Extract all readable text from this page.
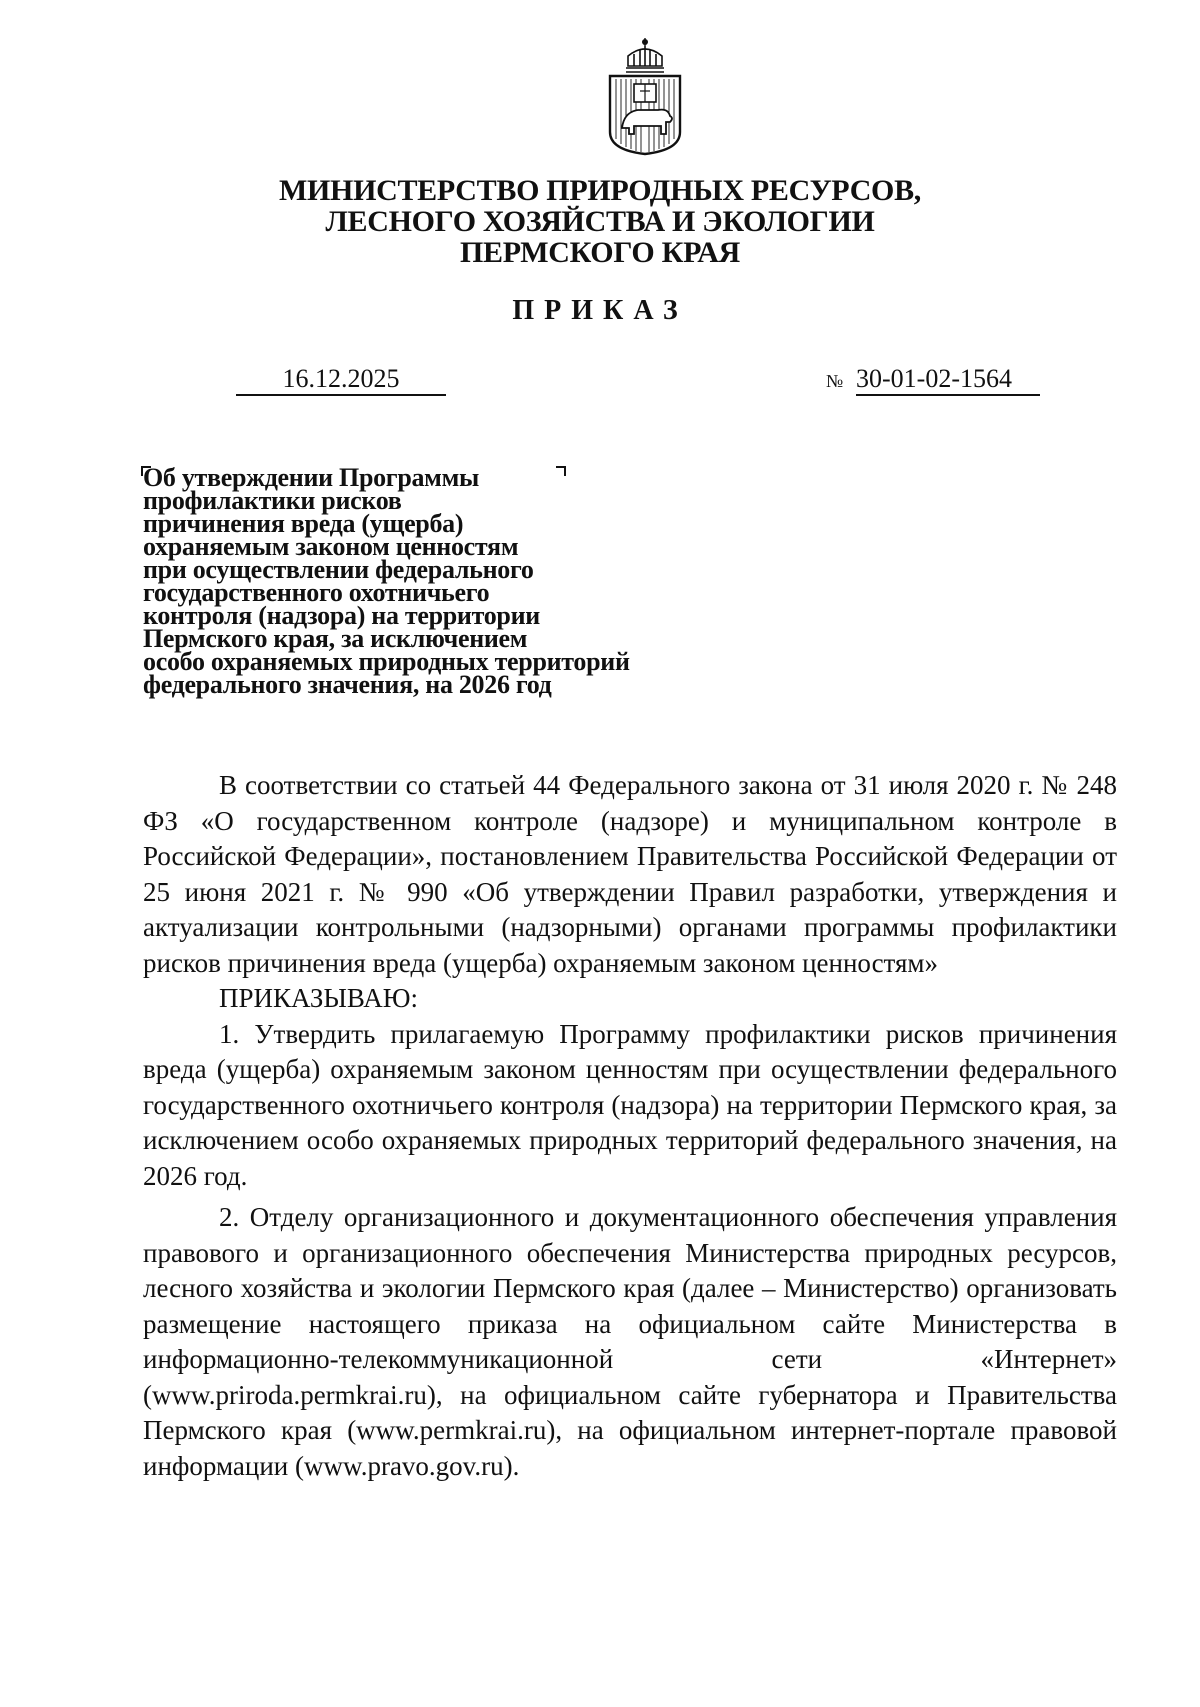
МИНИСТЕРСТВО ПРИРОДНЫХ РЕСУРСОВ,
ЛЕСНОГО ХОЗЯЙСТВА И ЭКОЛОГИИ
ПЕРМСКОГО КРАЯ
ПРИКАЗ
16.12.2025	№ 30-01-02-1564
Об утверждении Программы
профилактики рисков
причинения вреда (ущерба)
охраняемым законом ценностям
при осуществлении федерального
государственного охотничьего
контроля (надзора) на территории
Пермского края, за исключением
особо охраняемых природных территорий
федерального значения, на 2026 год

В соответствии со статьей 44 Федерального закона от 31 июля 2020 г. № 248 ФЗ «О государственном контроле (надзоре) и муниципальном контроле в Российской Федерации», постановлением Правительства Российской Федерации от 25 июня 2021 г. № 990 «Об утверждении Правил разработки, утверждения и актуализации контрольными (надзорными) органами программы профилактики рисков причинения вреда (ущерба) охраняемым законом ценностям»

ПРИКАЗЫВАЮ:

1. Утвердить прилагаемую Программу профилактики рисков причинения вреда (ущерба) охраняемым законом ценностям при осуществлении федерального государственного охотничьего контроля (надзора) на территории Пермского края, за исключением особо охраняемых природных территорий федерального значения, на 2026 год.

2. Отделу организационного и документационного обеспечения управления правового и организационного обеспечения Министерства природных ресурсов, лесного хозяйства и экологии Пермского края (далее – Министерство) организовать размещение настоящего приказа на официальном сайте Министерства в информационно-телекоммуникационной сети «Интернет» (www.priroda.permkrai.ru), на официальном сайте губернатора и Правительства Пермского края (www.permkrai.ru), на официальном интернет-портале правовой информации (www.pravo.gov.ru).
